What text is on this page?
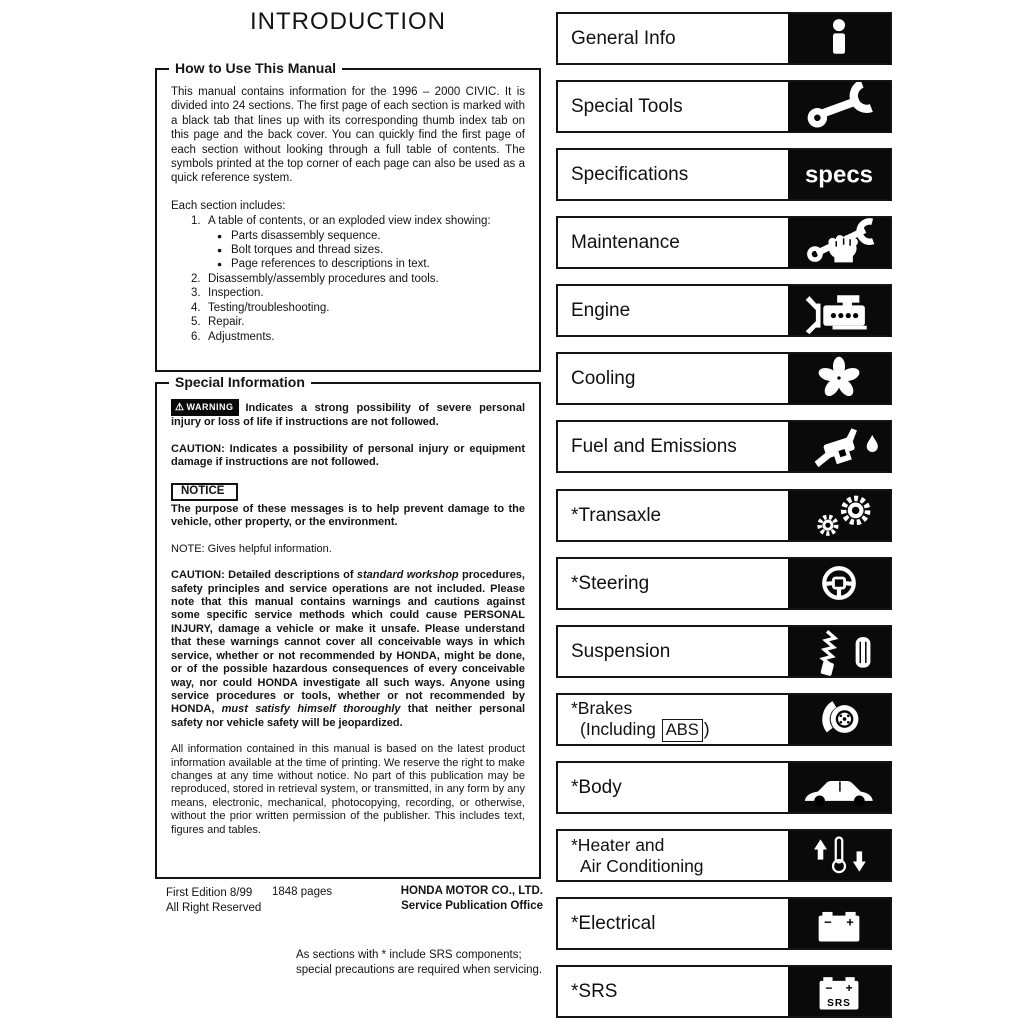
INTRODUCTION
How to Use This Manual

This manual contains information for the 1996 – 2000 CIVIC. It is divided into 24 sections. The first page of each section is marked with a black tab that lines up with its corresponding thumb index tab on this page and the back cover. You can quickly find the first page of each section without looking through a full table of contents. The symbols printed at the top corner of each page can also be used as a quick reference system.

Each section includes:

1. A table of contents, or an exploded view index showing:
● Parts disassembly sequence.
● Bolt torques and thread sizes.
● Page references to descriptions in text.
2. Disassembly/assembly procedures and tools.
3. Inspection.
4. Testing/troubleshooting.
5. Repair.
6. Adjustments.
Special Information

⚠ WARNING Indicates a strong possibility of severe personal injury or loss of life if instructions are not followed.

CAUTION: Indicates a possibility of personal injury or equipment damage if instructions are not followed.

NOTICE

The purpose of these messages is to help prevent damage to the vehicle, other property, or the environment.

NOTE: Gives helpful information.

CAUTION: Detailed descriptions of standard workshop procedures, safety principles and service operations are not included. Please note that this manual contains warnings and cautions against some specific service methods which could cause PERSONAL INJURY, damage a vehicle or make it unsafe. Please understand that these warnings cannot cover all conceivable ways in which service, whether or not recommended by HONDA, might be done, or of the possible hazardous consequences of every conceivable way, nor could HONDA investigate all such ways. Anyone using service procedures or tools, whether or not recommended by HONDA, must satisfy himself thoroughly that neither personal safety nor vehicle safety will be jeopardized.

All information contained in this manual is based on the latest product information available at the time of printing. We reserve the right to make changes at any time without notice. No part of this publication may be reproduced, stored in retrieval system, or transmitted, in any form by any means, electronic, mechanical, photocopying, recording, or otherwise, without the prior written permission of the publisher. This includes text, figures and tables.

First Edition 8/99
All Right Reserved
1848 pages	HONDA MOTOR CO., LTD.
Service Publication Office
As sections with * include SRS components;
special precautions are required when servicing.
General Info
Special Tools
Specifications	specs
Maintenance
Engine
Cooling
Fuel and Emissions
*Transaxle
*Steering
Suspension
*Brakes
(Including ABS )
*Body
*Heater and
Air Conditioning
*Electrical	− +
*SRS	− +
SRS
